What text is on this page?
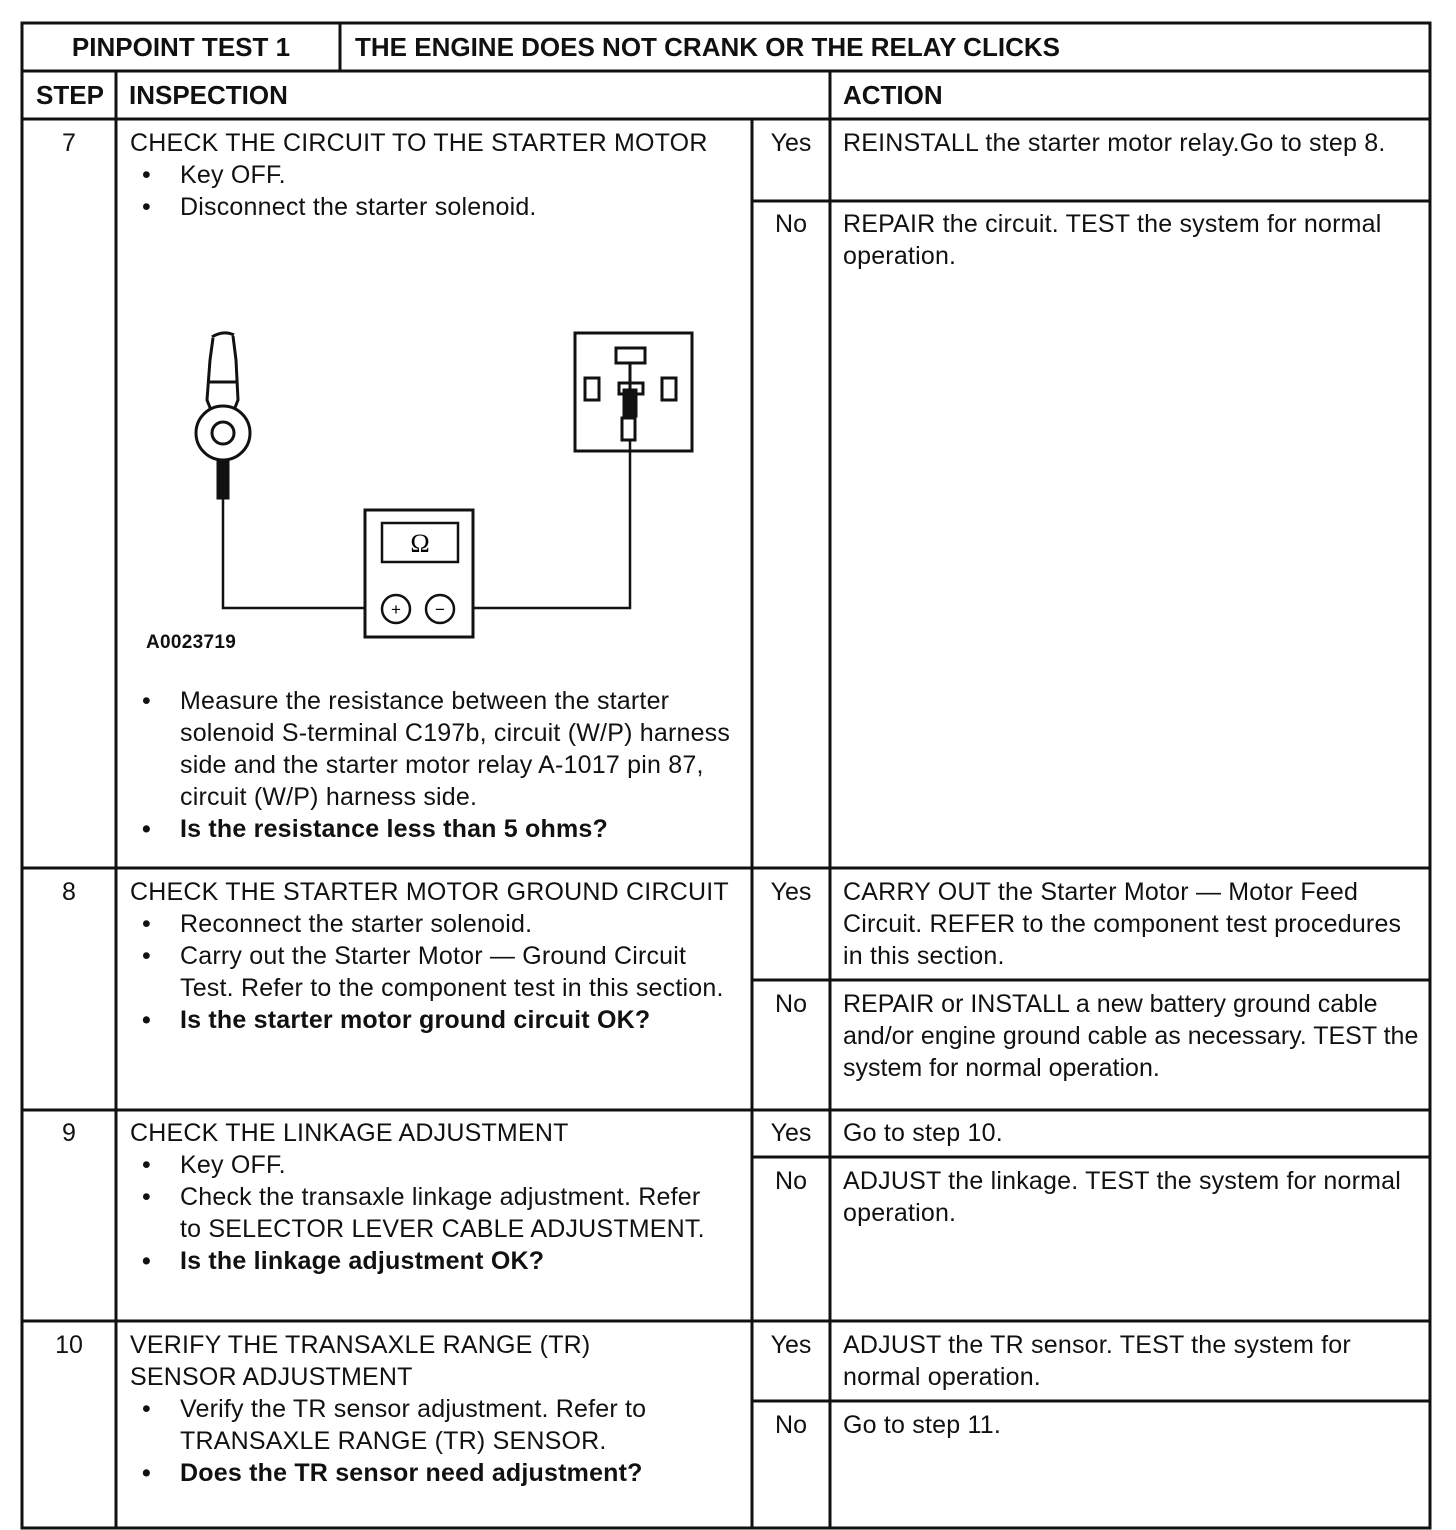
PINPOINT TEST 1	THE ENGINE DOES NOT CRANK OR THE RELAY CLICKS
STEP INSPECTION	ACTION
7	CHECK THE CIRCUIT TO THE STARTER MOTOR
• Key OFF.
• Disconnect the starter solenoid.
Ω
+ −
A0023719
• Measure the resistance between the starter solenoid S-terminal C197b, circuit (W/P) harness side and the starter motor relay A-1017 pin 87, circuit (W/P) harness side.
• Is the resistance less than 5 ohms?
Yes	REINSTALL the starter motor relay.Go to step 8.
No	REPAIR the circuit. TEST the system for normal operation.
8	CHECK THE STARTER MOTOR GROUND CIRCUIT
• Reconnect the starter solenoid.
• Carry out the Starter Motor — Ground Circuit Test. Refer to the component test in this section.
• Is the starter motor ground circuit OK?
Yes	CARRY OUT the Starter Motor — Motor Feed Circuit. REFER to the component test procedures in this section.
No	REPAIR or INSTALL a new battery ground cable and/or engine ground cable as necessary. TEST the system for normal operation.
9	CHECK THE LINKAGE ADJUSTMENT
• Key OFF.
• Check the transaxle linkage adjustment. Refer to SELECTOR LEVER CABLE ADJUSTMENT.
• Is the linkage adjustment OK?
Yes	Go to step 10.
No	ADJUST the linkage. TEST the system for normal operation.
10	VERIFY THE TRANSAXLE RANGE (TR) SENSOR ADJUSTMENT
• Verify the TR sensor adjustment. Refer to TRANSAXLE RANGE (TR) SENSOR.
• Does the TR sensor need adjustment?
Yes	ADJUST the TR sensor. TEST the system for normal operation.
No	Go to step 11.
